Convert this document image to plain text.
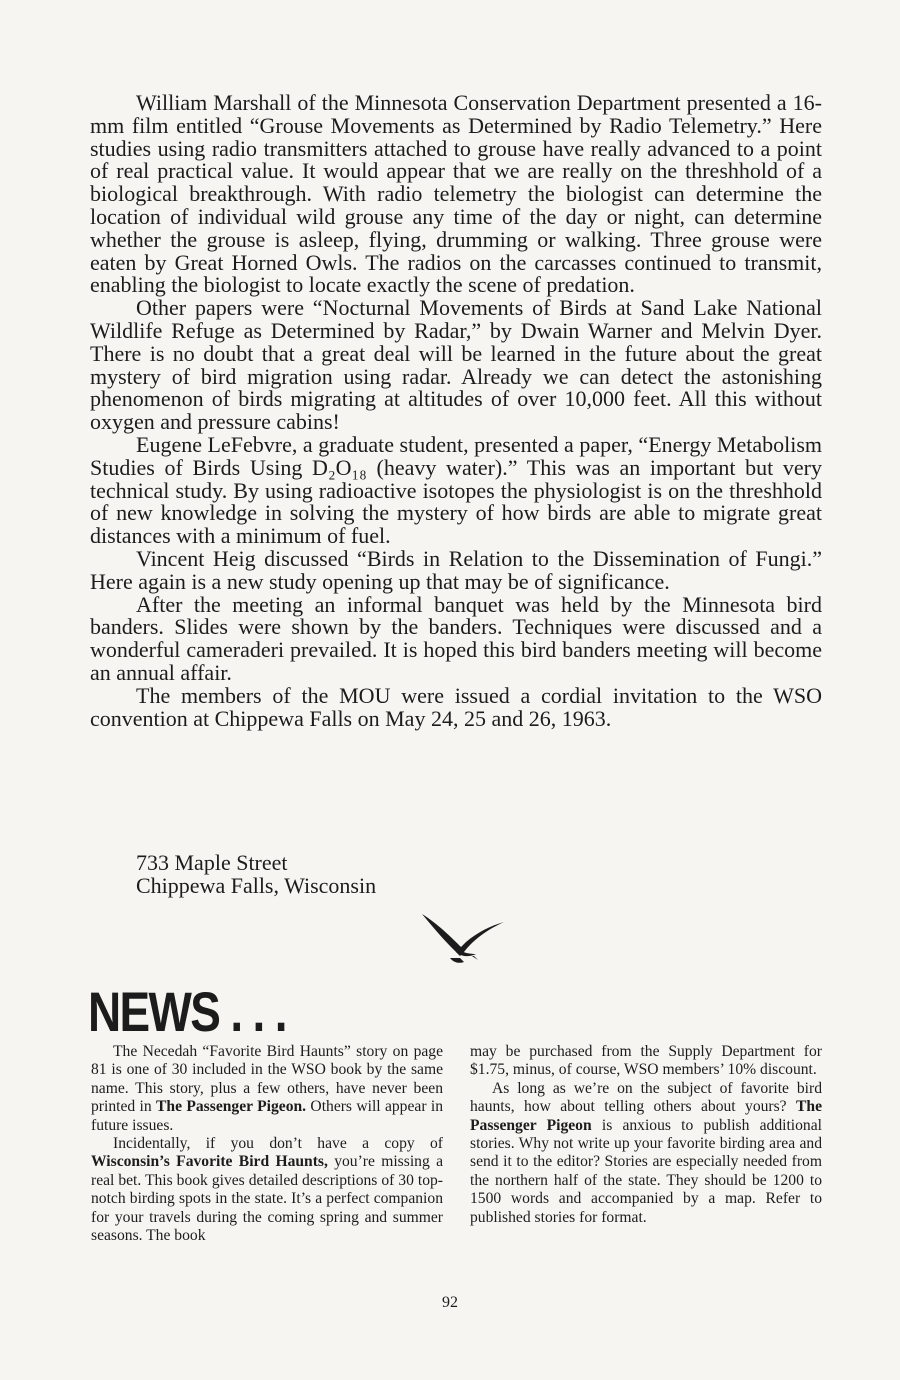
William Marshall of the Minnesota Conservation Department presented a 16-mm film entitled “Grouse Movements as Determined by Radio Telemetry.” Here studies using radio transmitters attached to grouse have really advanced to a point of real practical value. It would appear that we are really on the threshhold of a biological breakthrough. With radio telemetry the biologist can determine the location of individual wild grouse any time of the day or night, can determine whether the grouse is asleep, flying, drumming or walking. Three grouse were eaten by Great Horned Owls. The radios on the carcasses continued to transmit, enabling the biologist to locate exactly the scene of predation.

Other papers were “Nocturnal Movements of Birds at Sand Lake National Wildlife Refuge as Determined by Radar,” by Dwain Warner and Melvin Dyer. There is no doubt that a great deal will be learned in the future about the great mystery of bird migration using radar. Already we can detect the astonishing phenomenon of birds migrating at altitudes of over 10,000 feet. All this without oxygen and pressure cabins!

Eugene LeFebvre, a graduate student, presented a paper, “Energy Metabolism Studies of Birds Using D₂O₁₈ (heavy water).” This was an important but very technical study. By using radioactive isotopes the physiologist is on the threshhold of new knowledge in solving the mystery of how birds are able to migrate great distances with a minimum of fuel.

Vincent Heig discussed “Birds in Relation to the Dissemination of Fungi.” Here again is a new study opening up that may be of significance.

After the meeting an informal banquet was held by the Minnesota bird banders. Slides were shown by the banders. Techniques were discussed and a wonderful cameraderi prevailed. It is hoped this bird banders meeting will become an annual affair.

The members of the MOU were issued a cordial invitation to the WSO convention at Chippewa Falls on May 24, 25 and 26, 1963.

733 Maple Street
Chippewa Falls, Wisconsin
NEWS . . .

The Necedah “Favorite Bird Haunts” story on page 81 is one of 30 included in the WSO book by the same name. This story, plus a few others, have never been printed in The Passenger Pigeon. Others will appear in future issues.

Incidentally, if you don’t have a copy of Wisconsin’s Favorite Bird Haunts, you’re missing a real bet. This book gives detailed descriptions of 30 top-notch birding spots in the state. It’s a perfect companion for your travels during the coming spring and summer seasons. The book

may be purchased from the Supply Department for $1.75, minus, of course, WSO members’ 10% discount.

As long as we’re on the subject of favorite bird haunts, how about telling others about yours? The Passenger Pigeon is anxious to publish additional stories. Why not write up your favorite birding area and send it to the editor? Stories are especially needed from the northern half of the state. They should be 1200 to 1500 words and accompanied by a map. Refer to published stories for format.

92
